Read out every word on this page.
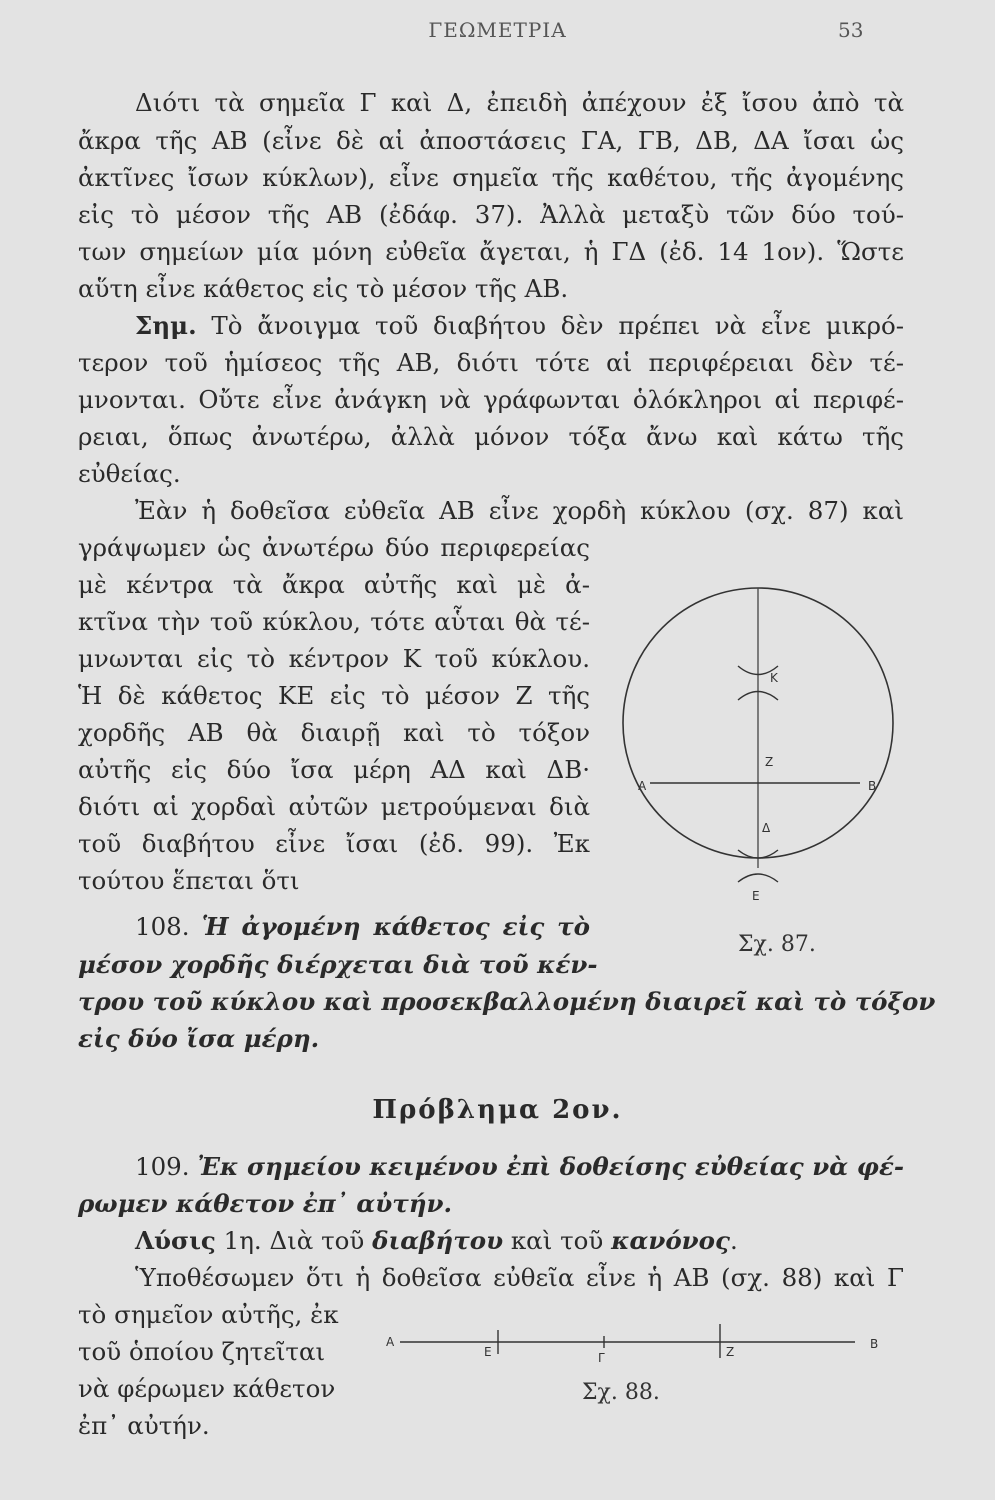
ΓΕΩΜΕΤΡΙΑ	53
Διότι τὰ σημεῖα Γ καὶ Δ, ἐπειδὴ ἀπέχουν ἐξ ἴσου ἀπὸ τὰ
ἄκρα τῆς ΑΒ (εἶνε δὲ αἱ ἀποστάσεις ΓΑ, ΓΒ, ΔΒ, ΔΑ ἴσαι ὡς
ἀκτῖνες ἴσων κύκλων), εἶνε σημεῖα τῆς καθέτου, τῆς ἀγομένης
εἰς τὸ μέσον τῆς ΑΒ (ἐδάφ. 37). Ἀλλὰ μεταξὺ τῶν δύο τού-
των σημείων μία μόνη εὐθεῖα ἄγεται, ἡ ΓΔ (ἐδ. 14 1ον). Ὥστε
αὕτη εἶνε κάθετος εἰς τὸ μέσον τῆς ΑΒ.
Σημ. Τὸ ἄνοιγμα τοῦ διαβήτου δὲν πρέπει νὰ εἶνε μικρό-
τερον τοῦ ἡμίσεος τῆς ΑΒ, διότι τότε αἱ περιφέρειαι δὲν τέ-
μνονται. Οὔτε εἶνε ἀνάγκη νὰ γράφωνται ὁλόκληροι αἱ περιφέ-
ρειαι, ὅπως ἀνωτέρω, ἀλλὰ μόνον τόξα ἄνω καὶ κάτω τῆς
εὐθείας.
Ἐὰν ἡ δοθεῖσα εὐθεῖα ΑΒ εἶνε χορδὴ κύκλου (σχ. 87) καὶ
γράψωμεν ὡς ἀνωτέρω δύο περιφερείας
μὲ κέντρα τὰ ἄκρα αὐτῆς καὶ μὲ ἀ-
κτῖνα τὴν τοῦ κύκλου, τότε αὗται θὰ τέ-
μνωνται εἰς τὸ κέντρον Κ τοῦ κύκλου.
Ἡ δὲ κάθετος ΚΕ εἰς τὸ μέσον Ζ τῆς
χορδῆς ΑΒ θὰ διαιρῇ καὶ τὸ τόξον
αὐτῆς εἰς δύο ἴσα μέρη ΑΔ καὶ ΔΒ·
διότι αἱ χορδαὶ αὐτῶν μετρούμεναι διὰ
τοῦ διαβήτου εἶνε ἴσαι (ἐδ. 99). Ἐκ
τούτου ἕπεται ὅτι
108. Ἡ ἀγομένη κάθετος εἰς τὸ
μέσον χορδῆς διέρχεται διὰ τοῦ κέν-
τρου τοῦ κύκλου καὶ προσεκβαλλομένη διαιρεῖ καὶ τὸ τόξον
εἰς δύο ἴσα μέρη.
K
Z
Α	B
Δ
E
Σχ. 87.
Πρόβλημα 2ον.
109. Ἐκ σημείου κειμένου ἐπὶ δοθείσης εὐθείας νὰ φέ-
ρωμεν κάθετον ἐπ᾿ αὐτήν.
Λύσις 1η. Διὰ τοῦ διαβήτου καὶ τοῦ κανόνος.
Ὑποθέσωμεν ὅτι ἡ δοθεῖσα εὐθεῖα εἶνε ἡ ΑΒ (σχ. 88) καὶ Γ
τὸ σημεῖον αὐτῆς, ἐκ
τοῦ ὁποίου ζητεῖται
νὰ φέρωμεν κάθετον
ἐπ᾿ αὐτήν.
A
E	Γ	Z
B
Σχ. 88.
